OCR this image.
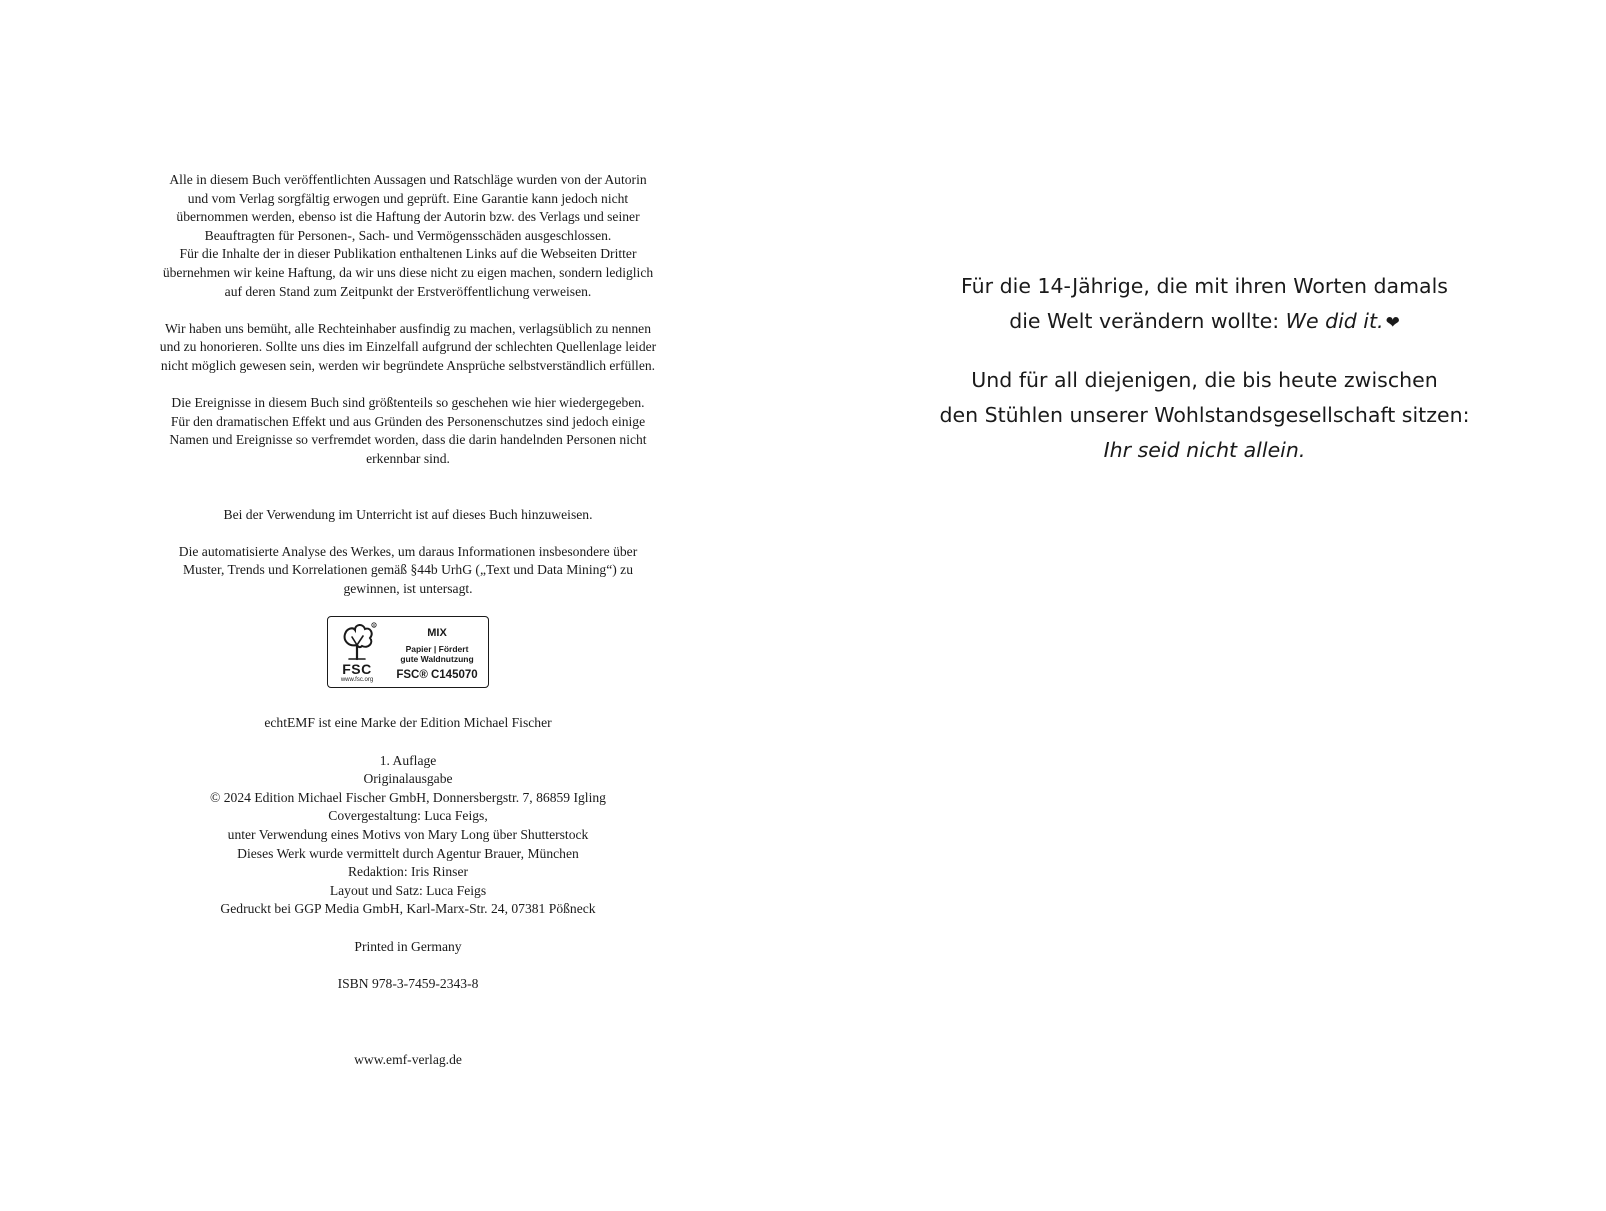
Alle in diesem Buch veröffentlichten Aussagen und Ratschläge wurden von der Autorin

und vom Verlag sorgfältig erwogen und geprüft. Eine Garantie kann jedoch nicht

übernommen werden, ebenso ist die Haftung der Autorin bzw. des Verlags und seiner

Beauftragten für Personen-, Sach- und Vermögensschäden ausgeschlossen.

Für die Inhalte der in dieser Publikation enthaltenen Links auf die Webseiten Dritter

übernehmen wir keine Haftung, da wir uns diese nicht zu eigen machen, sondern lediglich

auf deren Stand zum Zeitpunkt der Erstveröffentlichung verweisen.

Wir haben uns bemüht, alle Rechteinhaber ausfindig zu machen, verlagsüblich zu nennen

und zu honorieren. Sollte uns dies im Einzelfall aufgrund der schlechten Quellenlage leider

nicht möglich gewesen sein, werden wir begründete Ansprüche selbstverständlich erfüllen.

Die Ereignisse in diesem Buch sind größtenteils so geschehen wie hier wiedergegeben.

Für den dramatischen Effekt und aus Gründen des Personenschutzes sind jedoch einige

Namen und Ereignisse so verfremdet worden, dass die darin handelnden Personen nicht

erkennbar sind.

Bei der Verwendung im Unterricht ist auf dieses Buch hinzuweisen.

Die automatisierte Analyse des Werkes, um daraus Informationen insbesondere über

Muster, Trends und Korrelationen gemäß §44b UrhG („Text und Data Mining“) zu

gewinnen, ist untersagt.

R
FSC
www.fsc.org
MIX
Papier | Fördert
gute Waldnutzung
FSC® C145070

echtEMF ist eine Marke der Edition Michael Fischer

1. Auflage

Originalausgabe

© 2024 Edition Michael Fischer GmbH, Donnersbergstr. 7, 86859 Igling

Covergestaltung: Luca Feigs,

unter Verwendung eines Motivs von Mary Long über Shutterstock

Dieses Werk wurde vermittelt durch Agentur Brauer, München

Redaktion: Iris Rinser

Layout und Satz: Luca Feigs

Gedruckt bei GGP Media GmbH, Karl-Marx-Str. 24, 07381 Pößneck

Printed in Germany

ISBN 978-3-7459-2343-8

www.emf-verlag.de

Für die 14-Jährige, die mit ihren Worten damals

die Welt verändern wollte: We did it. ❤

Und für all diejenigen, die bis heute zwischen

den Stühlen unserer Wohlstandsgesellschaft sitzen:

Ihr seid nicht allein.
